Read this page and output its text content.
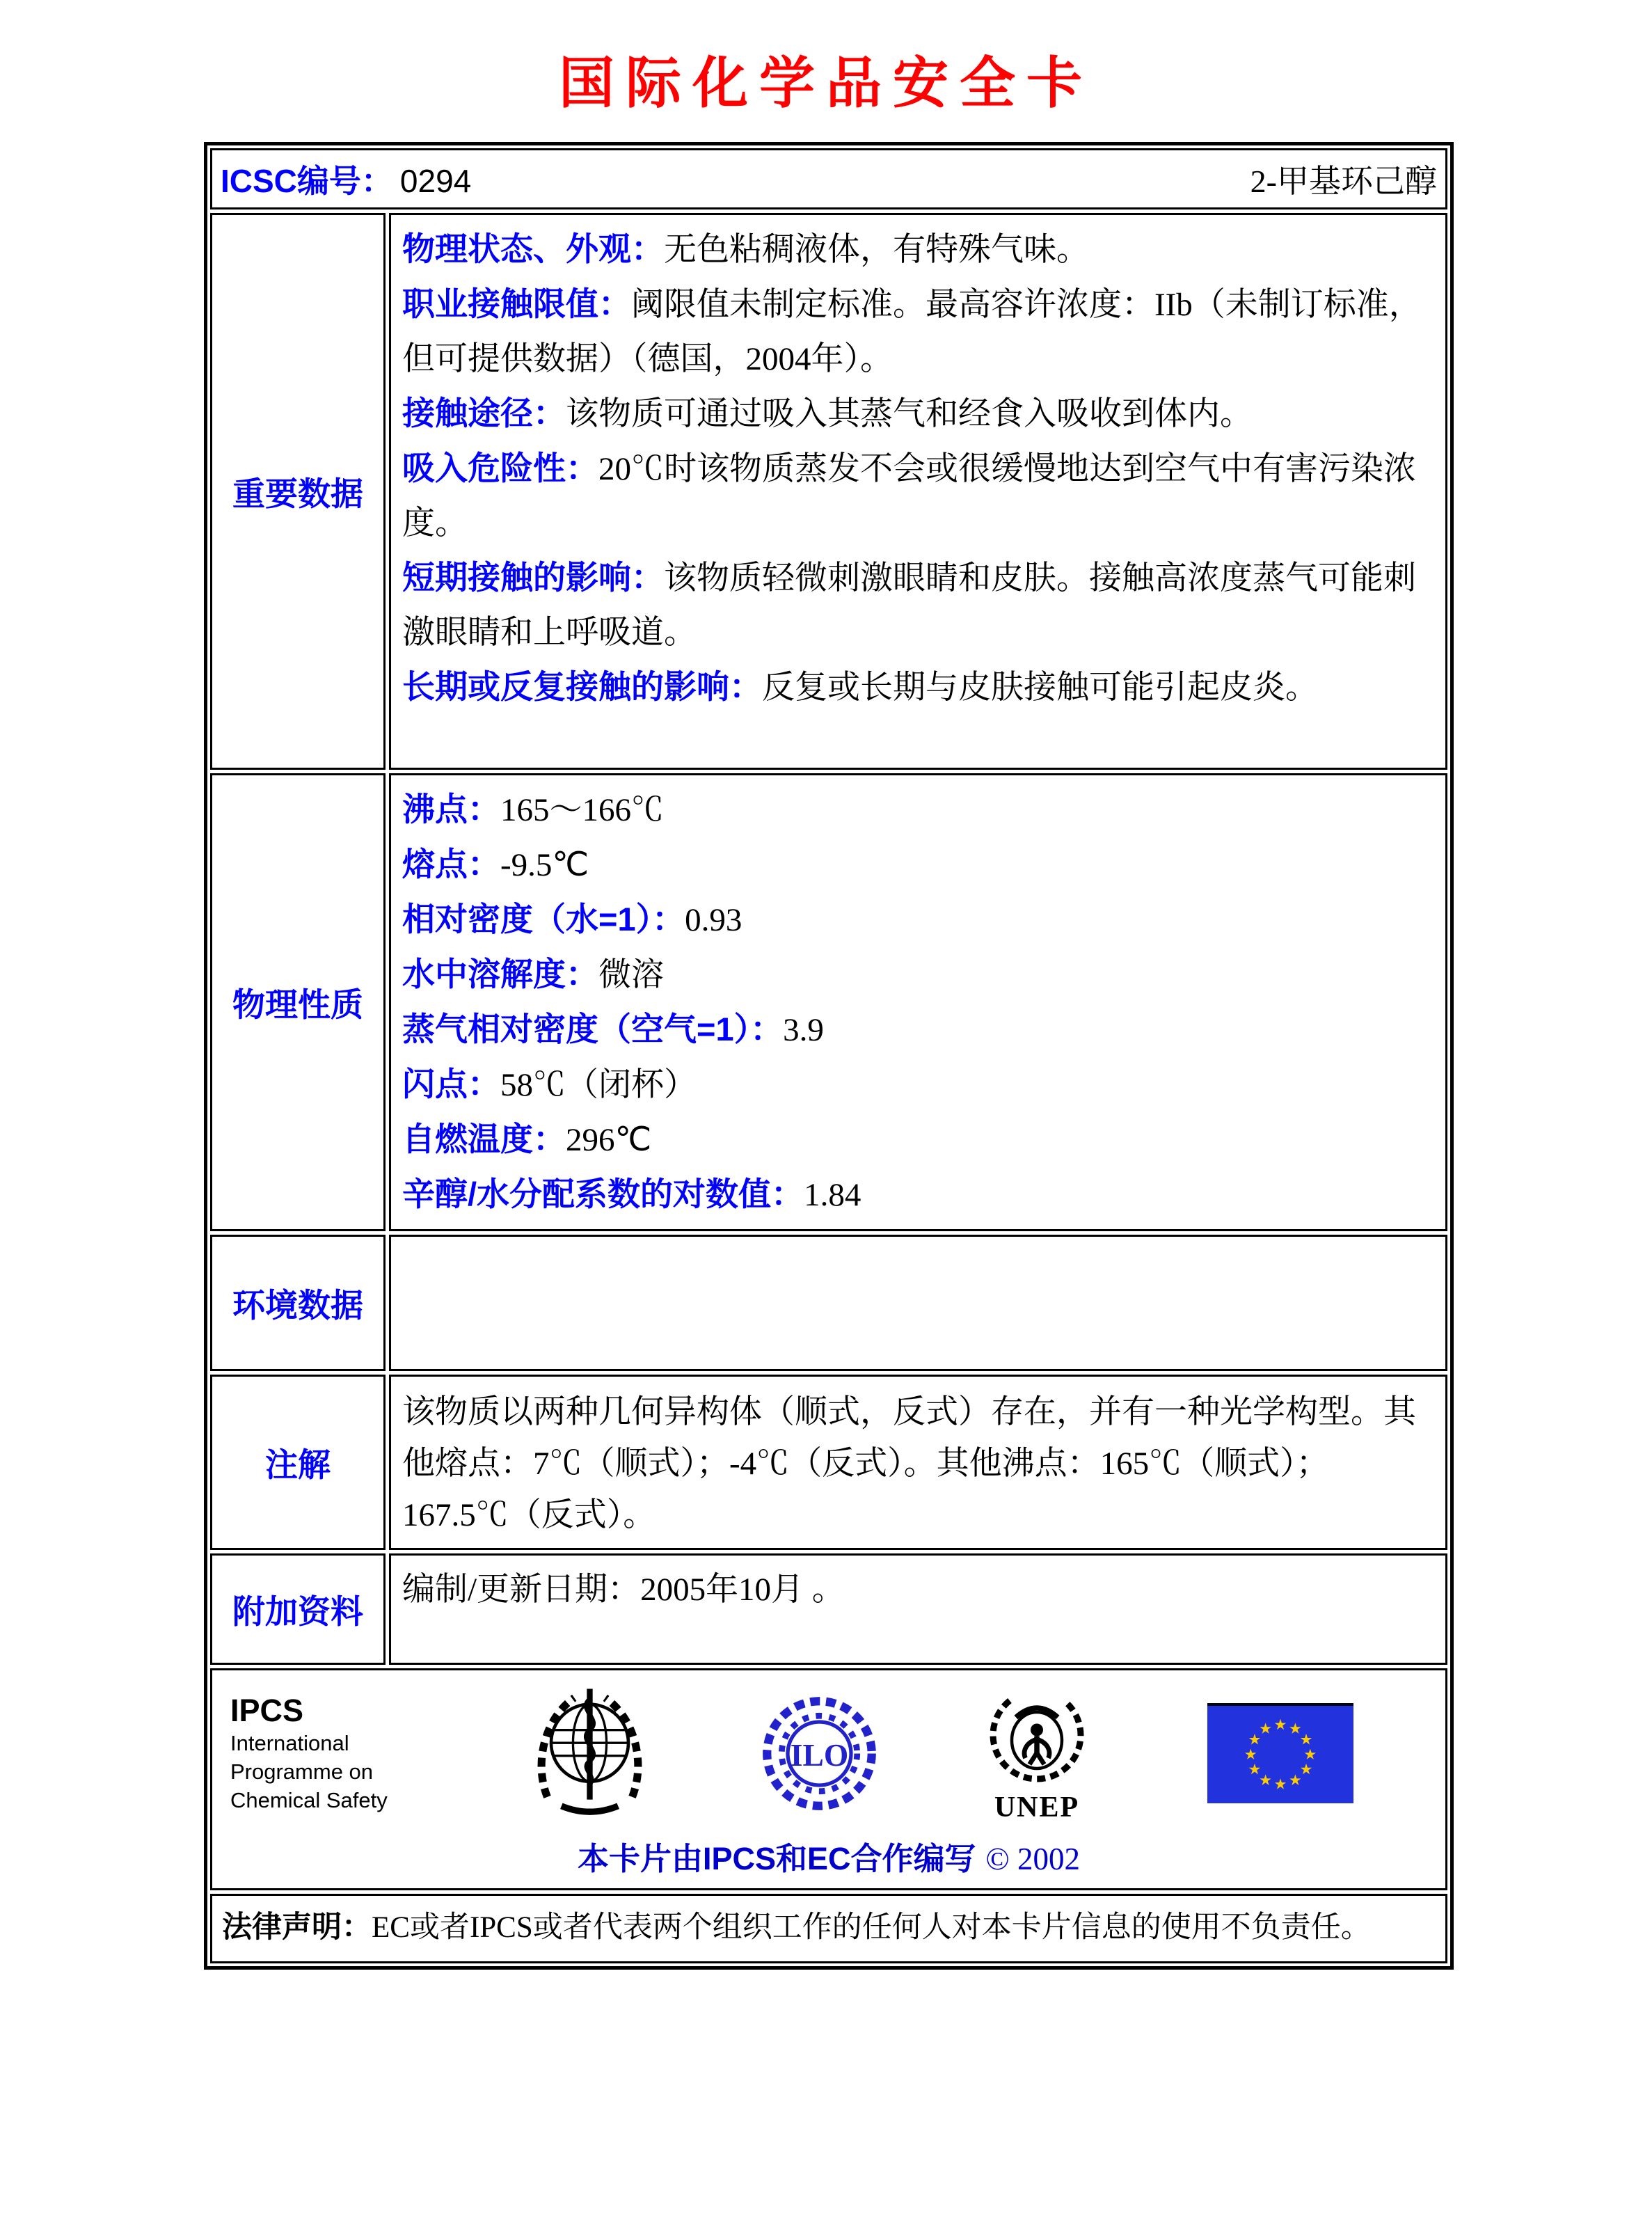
国际化学品安全卡
ICSC编号： 0294	2-甲基环己醇
重要数据

物理状态、外观：无色粘稠液体，有特殊气味。

职业接触限值：阈限值未制定标准。最高容许浓度：IIb（未制订标准，但可提供数据）（德国，2004年）。

接触途径：该物质可通过吸入其蒸气和经食入吸收到体内。

吸入危险性：20℃时该物质蒸发不会或很缓慢地达到空气中有害污染浓度。

短期接触的影响：该物质轻微刺激眼睛和皮肤。接触高浓度蒸气可能刺激眼睛和上呼吸道。

长期或反复接触的影响：反复或长期与皮肤接触可能引起皮炎。

物理性质

沸点：165～166℃

熔点：-9.5℃

相对密度（水=1）：0.93

水中溶解度：微溶

蒸气相对密度（空气=1）：3.9

闪点：58℃（闭杯）

自燃温度：296℃

辛醇/水分配系数的对数值：1.84

环境数据
注解

该物质以两种几何异构体（顺式，反式）存在，并有一种光学构型。其他熔点：7℃（顺式）；-4℃（反式）。其他沸点：165℃（顺式）；167.5℃（反式）。

附加资料

编制/更新日期：2005年10月 。

IPCS
International
Programme on
Chemical Safety
ILO
UNEP
本卡片由IPCS和EC合作编写 © 2002
法律声明：EC或者IPCS或者代表两个组织工作的任何人对本卡片信息的使用不负责任。
